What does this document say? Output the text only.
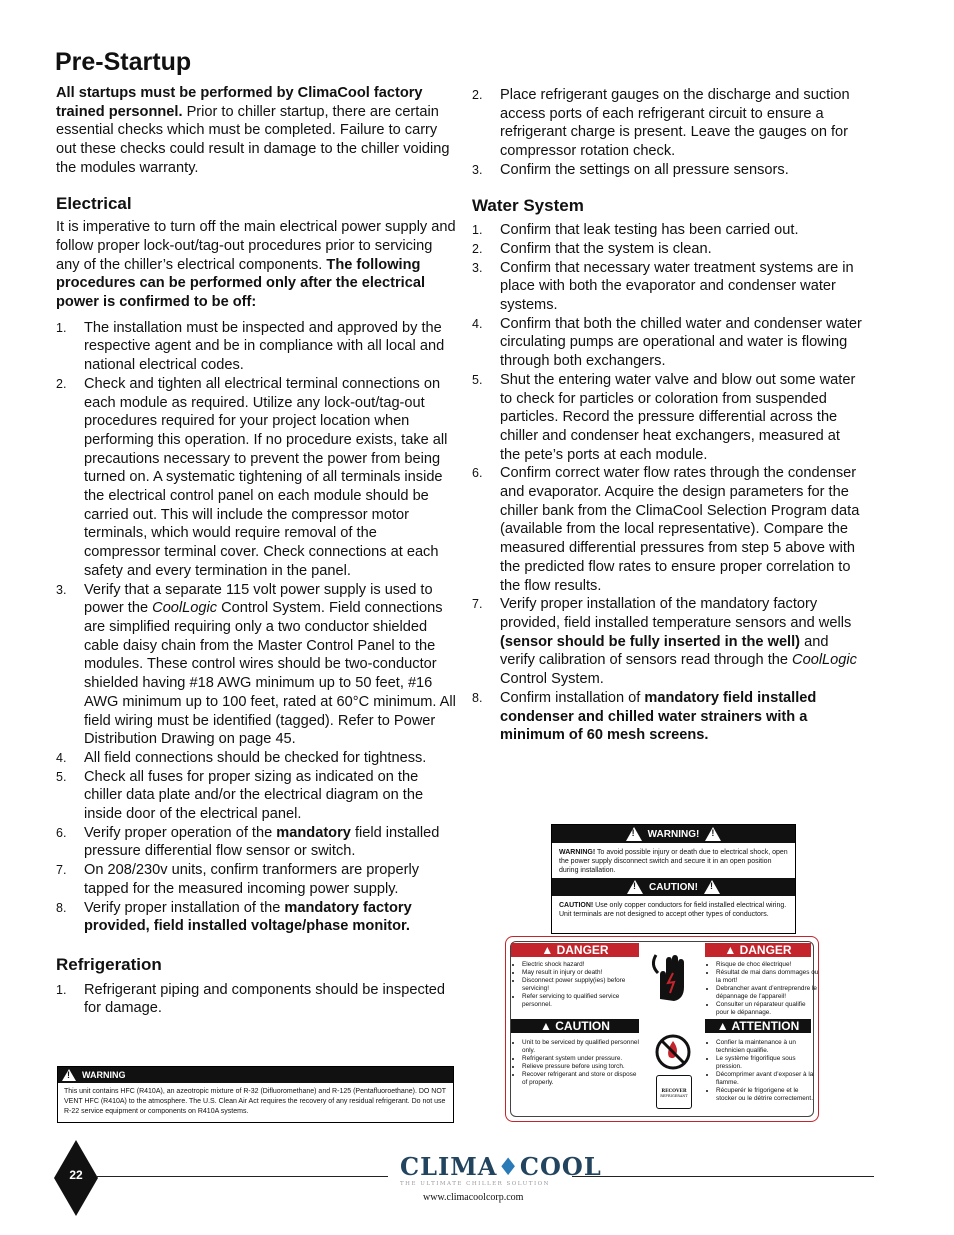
Pre-Startup

All startups must be performed by ClimaCool factory trained personnel. Prior to chiller startup, there are certain essential checks which must be completed. Failure to carry out these checks could result in damage to the chiller voiding the modules warranty.

Electrical

It is imperative to turn off the main electrical power supply and follow proper lock-out/tag-out procedures prior to servicing any of the chiller’s electrical components. The following procedures can be performed only after the electrical power is confirmed to be off:

1. The installation must be inspected and approved by the respective agent and be in compliance with all local and national electrical codes.
2. Check and tighten all electrical terminal connections on each module as required. Utilize any lock-out/tag-out procedures required for your project location when performing this operation. If no procedure exists, take all precautions necessary to prevent the power from being turned on. A systematic tightening of all terminals inside the electrical control panel on each module should be carried out. This will include the compressor motor terminals, which would require removal of the compressor terminal cover. Check connections at each safety and every termination in the panel.
3. Verify that a separate 115 volt power supply is used to power the CoolLogic Control System. Field connections are simplified requiring only a two conductor shielded cable daisy chain from the Master Control Panel to the modules. These control wires should be two-conductor shielded having #18 AWG minimum up to 50 feet, #16 AWG minimum up to 100 feet, rated at 60°C minimum. All field wiring must be identified (tagged). Refer to Power Distribution Drawing on page 45.
4. All field connections should be checked for tightness.
5. Check all fuses for proper sizing as indicated on the chiller data plate and/or the electrical diagram on the inside door of the electrical panel.
6. Verify proper operation of the mandatory field installed pressure differential flow sensor or switch.
7. On 208/230v units, confirm tranformers are properly tapped for the measured incoming power supply.
8. Verify proper installation of the mandatory factory provided, field installed voltage/phase monitor.
Refrigeration
1. Refrigerant piping and components should be inspected for damage.
!
WARNING
This unit contains HFC (R410A), an azeotropic mixture of R-32 (Difluoromethane) and R-125 (Pentafluoroethane). DO NOT VENT HFC (R410A) to the atmosphere. The U.S. Clean Air Act requires the recovery of any residual refrigerant. Do not use R-22 service equipment or components on R410A systems.
2. Place refrigerant gauges on the discharge and suction access ports of each refrigerant circuit to ensure a refrigerant charge is present. Leave the gauges on for compressor rotation check.
3. Confirm the settings on all pressure sensors.
Water System
1. Confirm that leak testing has been carried out.
2. Confirm that the system is clean.
3. Confirm that necessary water treatment systems are in place with both the evaporator and condenser water systems.
4. Confirm that both the chilled water and condenser water circulating pumps are operational and water is flowing through both exchangers.
5. Shut the entering water valve and blow out some water to check for particles or coloration from suspended particles. Record the pressure differential across the chiller and condenser heat exchangers, measured at the pete’s ports at each module.
6. Confirm correct water flow rates through the condenser and evaporator. Acquire the design parameters for the chiller bank from the ClimaCool Selection Program data (available from the local representative). Compare the measured differential pressures from step 5 above with the predicted flow rates to ensure proper correlation to the flow results.
7. Verify proper installation of the mandatory factory provided, field installed temperature sensors and wells (sensor should be fully inserted in the well) and verify calibration of sensors read through the CoolLogic Control System.
8. Confirm installation of mandatory field installed condenser and chilled water strainers with a minimum of 60 mesh screens.
!
WARNING!
!
WARNING! To avoid possible injury or death due to electrical shock, open the power supply disconnect switch and secure it in an open position during installation.
!
CAUTION!
!
CAUTION! Use only copper conductors for field installed electrical wiring. Unit terminals are not designed to accept other types of conductors.
▲ DANGER	▲ DANGER
• Electric shock hazard!
• May result in injury or death!
• Disconnect power supply(ies) before servicing!
• Refer servicing to qualified service personnel.
• Risque de choc électrique!
• Résultat de mai dans dommages ou la mort!
• Debrancher avant d’entreprendre le dépannage de l’appareil!
• Consulter un réparateur qualifie pour le dépannage.
▲ CAUTION	▲ ATTENTION
• Unit to be serviced by qualified personnel only.
• Refrigerant system under pressure.
• Relieve pressure before using torch.
• Recover refrigerant and store or dispose of properly.
• Confier la maintenance à un technicien qualifie.
• Le système frigorifique sous pression.
• Décomprimer avant d’exposer à la flamme.
• Récuperér le frigorigene et le stocker ou le détrire correctement.
RECOVER
REFRIGERANT
22	CLIMA♦COOL
THE ULTIMATE CHILLER SOLUTION
www.climacoolcorp.com
